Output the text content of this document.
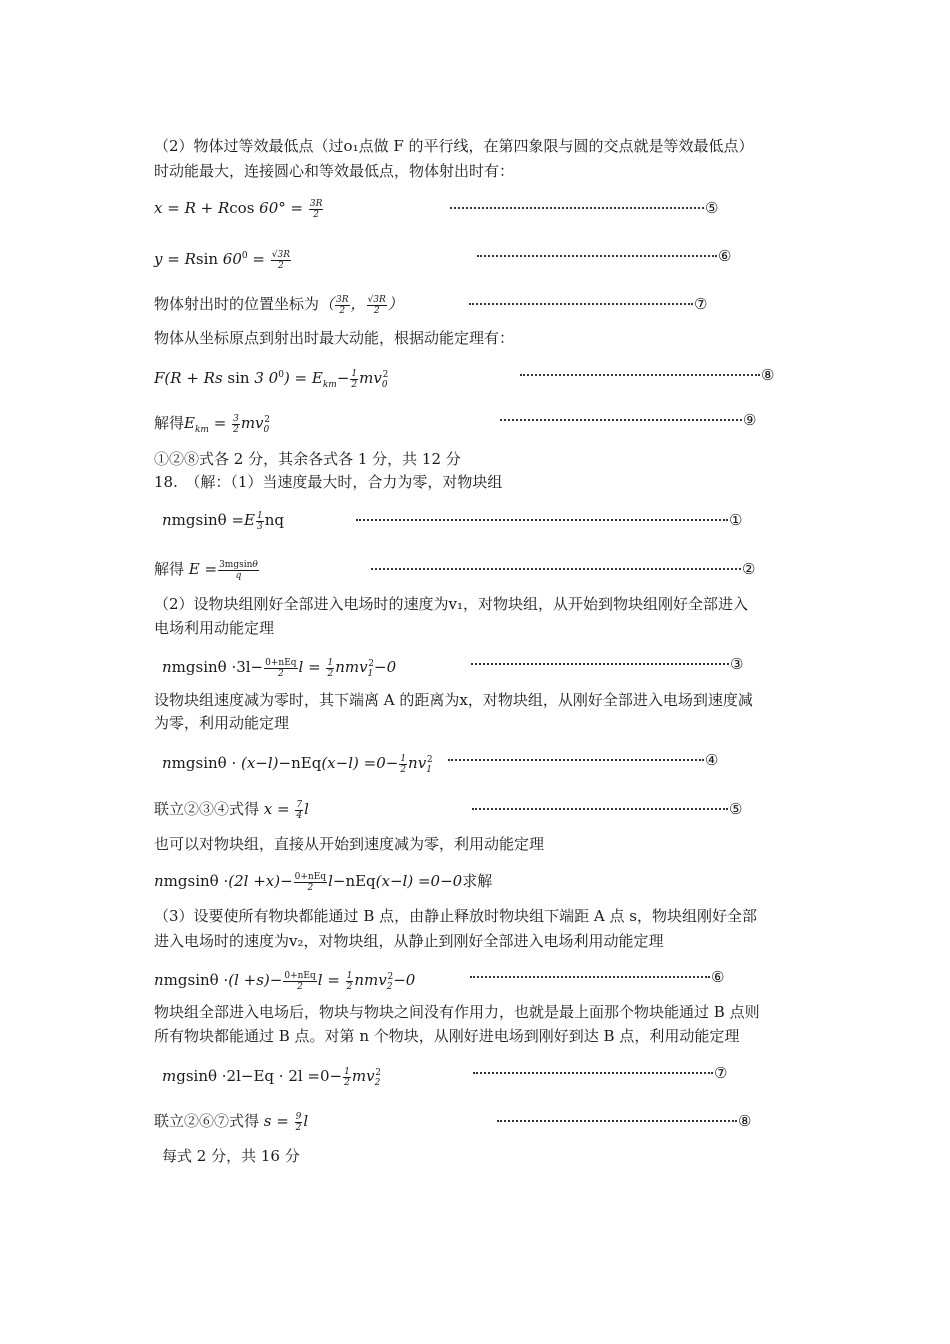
（2）物体过等效最低点（过o₁点做 F 的平行线，在第四象限与圆的交点就是等效最低点）
时动能最大，连接圆心和等效最低点，物体射出时有：
x = R + Rcos $60^\circ = \frac{3R}{2}$	⑤
y = Rsin $60^0 = \frac{√3R}{2}$	⑥
物体射出时的位置坐标为（ $\frac{3R}{2}$ ， $\frac{√3R}{2}$ ）	⑦
物体从坐标原点到射出时最大动能，根据动能定理有：
F(R + Rs sin 3 $0^0) = E_{km}- \frac{1}{2} mv_0^2$	⑧
解得$E_{km} = \frac{3}{2} mv_0^2$	⑨
①②⑧式各 2 分，其余各式各 1 分，共 12 分
18.　（解：（1）当速度最大时，合力为零，对物块组
$nmgsin\theta =E \frac{1}{3}$ nq	①
解得 $E = \frac{3mgsin\theta}{q}$	②
（2）设物块组刚好全部进入电场时的速度为v₁，对物块组，从开始到物块组刚好全部进入
电场利用动能定理
$nmgsin\theta \cdot 3l- \frac{\text{0+nEq}}{2}$ $l = \frac{1}{2} nmv_1^2-0$	③
设物块组速度减为零时，其下端离 A 的距离为x，对物块组，从刚好全部进入电场到速度减
为零，利用动能定理
$nmgsin\theta \cdot (x-l)-nEq(x-l) =0- \frac{1}{2} nv_1^2$	④
联立②③④式得 $x = \frac{7}{4}$ l	⑤
也可以对物块组，直接从开始到速度减为零，利用动能定理
$nmgsin\theta \cdot(2l +x)- \frac{\text{0+nEq}}{2} l-nEq(x-l) =0-0$求解
（3）设要使所有物块都能通过 B 点，由静止释放时物块组下端距 A 点 s，物块组刚好全部
进入电场时的速度为v₂，对物块组，从静止到刚好全部进入电场利用动能定理
$nmgsin\theta \cdot(l +s)- \frac{\text{0+nEq}}{2}$ $l = \frac{1}{2} nmv_2^2-0$	⑥
物块组全部进入电场后，物块与物块之间没有作用力，也就是最上面那个物块能通过 B 点则
所有物块都能通过 B 点。对第 n 个物块，从刚好进电场到刚好到达 B 点，利用动能定理
$mgsin\theta \cdot 2l-Eq \cdot 2l =0- \frac{1}{2} mv_2^2$	⑦
联立②⑥⑦式得 $s = \frac{9}{2}$ l	⑧
每式 2 分，共 16 分
